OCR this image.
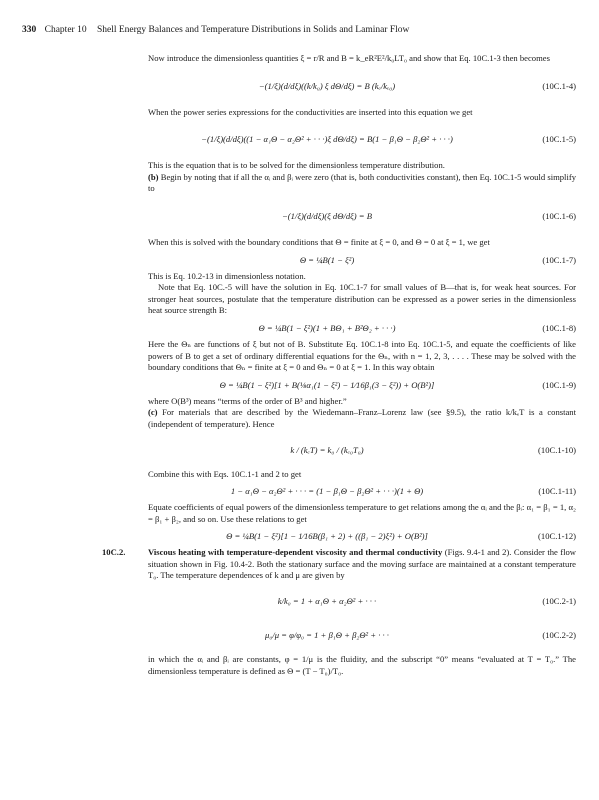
330 Chapter 10 Shell Energy Balances and Temperature Distributions in Solids and Laminar Flow

Now introduce the dimensionless quantities ξ = r/R and B = k_eR²E²/k₀LT₀ and show that Eq. 10C.1-3 then becomes

−(1/ξ)(d/dξ)((k/k₀) ξ dΘ/dξ) = B (kₑ/kₑ₀)	(10C.1-4)

When the power series expressions for the conductivities are inserted into this equation we get

−(1/ξ)(d/dξ)((1 − α₁Θ − α₂Θ² + · · ·)ξ dΘ/dξ) = B(1 − β₁Θ − β₂Θ² + · · ·)	(10C.1-5)

This is the equation that is to be solved for the dimensionless temperature distribution.

(b) Begin by noting that if all the αᵢ and βᵢ were zero (that is, both conductivities constant), then Eq. 10C.1-5 would simplify to

−(1/ξ)(d/dξ)(ξ dΘ/dξ) = B	(10C.1-6)

When this is solved with the boundary conditions that Θ = finite at ξ = 0, and Θ = 0 at ξ = 1, we get

Θ = ¼B(1 − ξ²)	(10C.1-7)

This is Eq. 10.2-13 in dimensionless notation.

Note that Eq. 10C.-5 will have the solution in Eq. 10C.1-7 for small values of B—that is, for weak heat sources. For stronger heat sources, postulate that the temperature distribution can be expressed as a power series in the dimensionless heat source strength B:

Θ = ¼B(1 − ξ²)(1 + BΘ₁ + B²Θ₂ + · · ·)	(10C.1-8)

Here the Θₙ are functions of ξ but not of B. Substitute Eq. 10C.1-8 into Eq. 10C.1-5, and equate the coefficients of like powers of B to get a set of ordinary differential equations for the Θₙ, with n = 1, 2, 3, . . . . These may be solved with the boundary conditions that Θₙ = finite at ξ = 0 and Θₙ = 0 at ξ = 1. In this way obtain

Θ = ¼B(1 − ξ²)[1 + B(⅛α₁(1 − ξ²) − 1⁄16β₁(3 − ξ²)) + O(B²)]	(10C.1-9)

where O(B³) means “terms of the order of B³ and higher.”

(c) For materials that are described by the Wiedemann–Franz–Lorenz law (see §9.5), the ratio k/kₑT is a constant (independent of temperature). Hence

k / (kₑT) = k₀ / (kₑ₀T₀)	(10C.1-10)

Combine this with Eqs. 10C.1-1 and 2 to get

1 − α₁Θ − α₂Θ² + · · · = (1 − β₁Θ − β₂Θ² + · · ·)(1 + Θ)	(10C.1-11)

Equate coefficients of equal powers of the dimensionless temperature to get relations among the αᵢ and the βᵢ: α₁ = β₁ = 1, α₂ = β₁ + β₂, and so on. Use these relations to get

Θ = ¼B(1 − ξ²)[1 − 1⁄16B(β₁ + 2) + ((β₁ − 2)ξ²) + O(B²)]	(10C.1-12)

10C.2.	Viscous heating with temperature-dependent viscosity and thermal conductivity (Figs. 9.4-1 and 2). Consider the flow situation shown in Fig. 10.4-2. Both the stationary surface and the moving surface are maintained at a constant temperature T₀. The temperature dependences of k and μ are given by

k/k₀ = 1 + α₁Θ + α₂Θ² + · · ·	(10C.2-1)
μ₀/μ = φ/φ₀ = 1 + β₁Θ + β₂Θ² + · · ·	(10C.2-2)

in which the αᵢ and βᵢ are constants, φ = 1/μ is the fluidity, and the subscript “0” means “evaluated at T = T₀.” The dimensionless temperature is defined as Θ = (T − T₀)/T₀.
